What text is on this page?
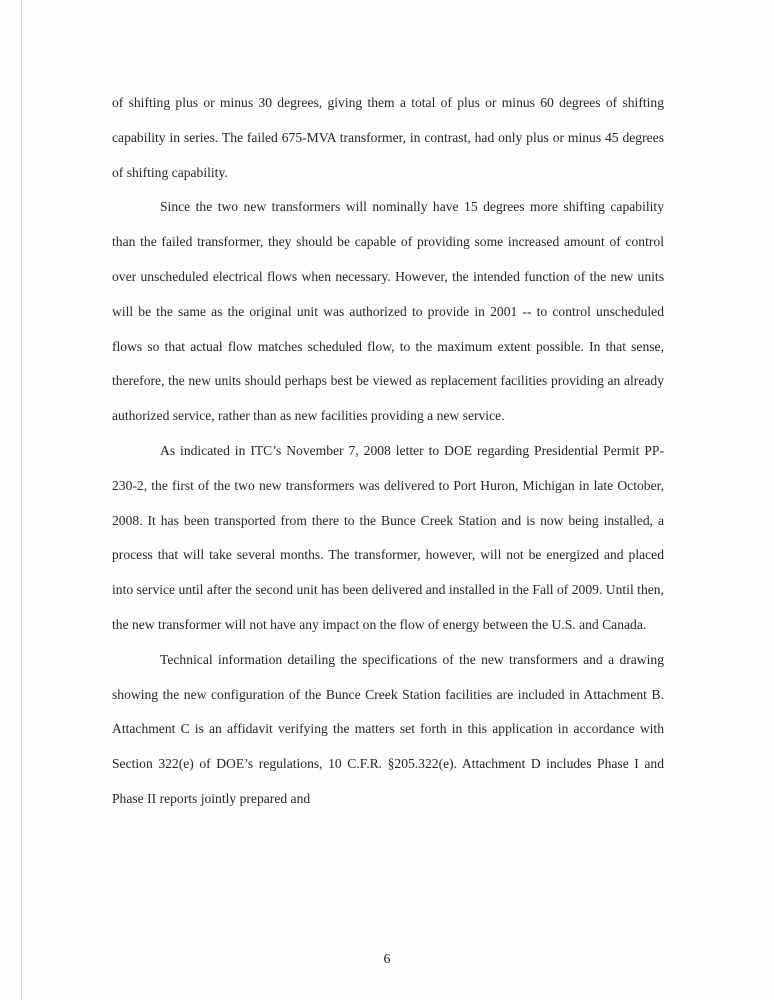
of shifting plus or minus 30 degrees, giving them a total of plus or minus 60 degrees of shifting capability in series. The failed 675-MVA transformer, in contrast, had only plus or minus 45 degrees of shifting capability.

Since the two new transformers will nominally have 15 degrees more shifting capability than the failed transformer, they should be capable of providing some increased amount of control over unscheduled electrical flows when necessary. However, the intended function of the new units will be the same as the original unit was authorized to provide in 2001 -- to control unscheduled flows so that actual flow matches scheduled flow, to the maximum extent possible. In that sense, therefore, the new units should perhaps best be viewed as replacement facilities providing an already authorized service, rather than as new facilities providing a new service.

As indicated in ITC’s November 7, 2008 letter to DOE regarding Presidential Permit PP-230-2, the first of the two new transformers was delivered to Port Huron, Michigan in late October, 2008. It has been transported from there to the Bunce Creek Station and is now being installed, a process that will take several months. The transformer, however, will not be energized and placed into service until after the second unit has been delivered and installed in the Fall of 2009. Until then, the new transformer will not have any impact on the flow of energy between the U.S. and Canada.

Technical information detailing the specifications of the new transformers and a drawing showing the new configuration of the Bunce Creek Station facilities are included in Attachment B. Attachment C is an affidavit verifying the matters set forth in this application in accordance with Section 322(e) of DOE’s regulations, 10 C.F.R. §205.322(e). Attachment D includes Phase I and Phase II reports jointly prepared and

6
